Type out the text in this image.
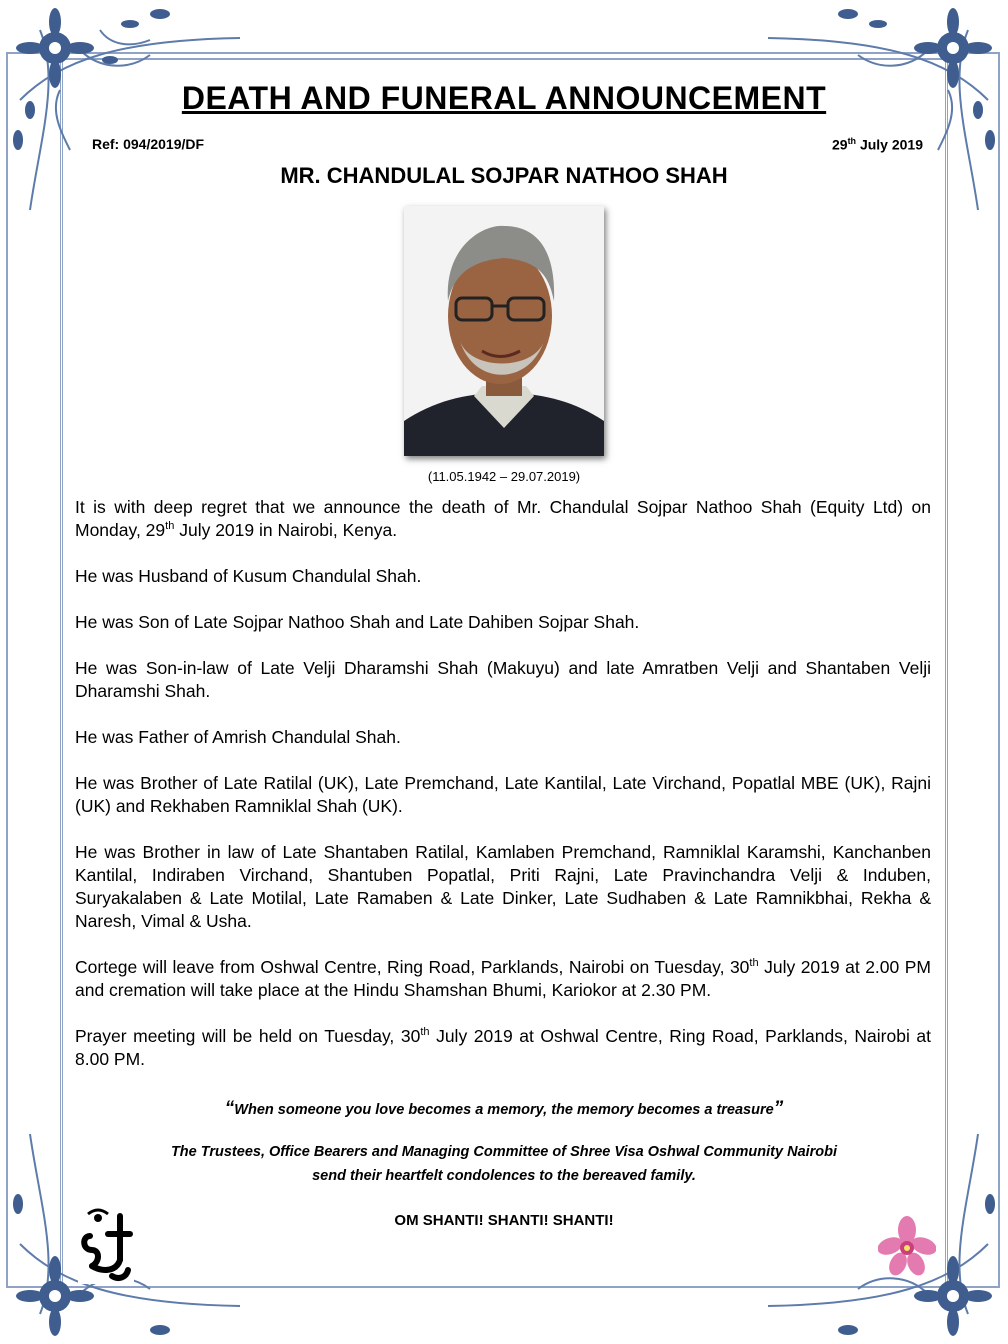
DEATH AND FUNERAL ANNOUNCEMENT
Ref: 094/2019/DF	29th July 2019
MR. CHANDULAL SOJPAR NATHOO SHAH
(11.05.1942 – 29.07.2019)

It is with deep regret that we announce the death of Mr. Chandulal Sojpar Nathoo Shah (Equity Ltd) on Monday, 29th July 2019 in Nairobi, Kenya.

He was Husband of Kusum Chandulal Shah.

He was Son of Late Sojpar Nathoo Shah and Late Dahiben Sojpar Shah.

He was Son-in-law of Late Velji Dharamshi Shah (Makuyu) and late Amratben Velji and Shantaben Velji Dharamshi Shah.

He was Father of Amrish Chandulal Shah.

He was Brother of Late Ratilal (UK), Late Premchand, Late Kantilal, Late Virchand, Popatlal MBE (UK), Rajni (UK) and Rekhaben Ramniklal Shah (UK).

He was Brother in law of Late Shantaben Ratilal, Kamlaben Premchand, Ramniklal Karamshi, Kanchanben Kantilal, Indiraben Virchand, Shantuben Popatlal, Priti Rajni, Late Pravinchandra Velji & Induben, Suryakalaben & Late Motilal, Late Ramaben & Late Dinker, Late Sudhaben & Late Ramnikbhai, Rekha & Naresh, Vimal & Usha.

Cortege will leave from Oshwal Centre, Ring Road, Parklands, Nairobi on Tuesday, 30th July 2019 at 2.00 PM and cremation will take place at the Hindu Shamshan Bhumi, Kariokor at 2.30 PM.

Prayer meeting will be held on Tuesday, 30th July 2019 at Oshwal Centre, Ring Road, Parklands, Nairobi at 8.00 PM.

“When someone you love becomes a memory, the memory becomes a treasure”
The Trustees, Office Bearers and Managing Committee of Shree Visa Oshwal Community Nairobi
send their heartfelt condolences to the bereaved family.
OM SHANTI! SHANTI! SHANTI!
